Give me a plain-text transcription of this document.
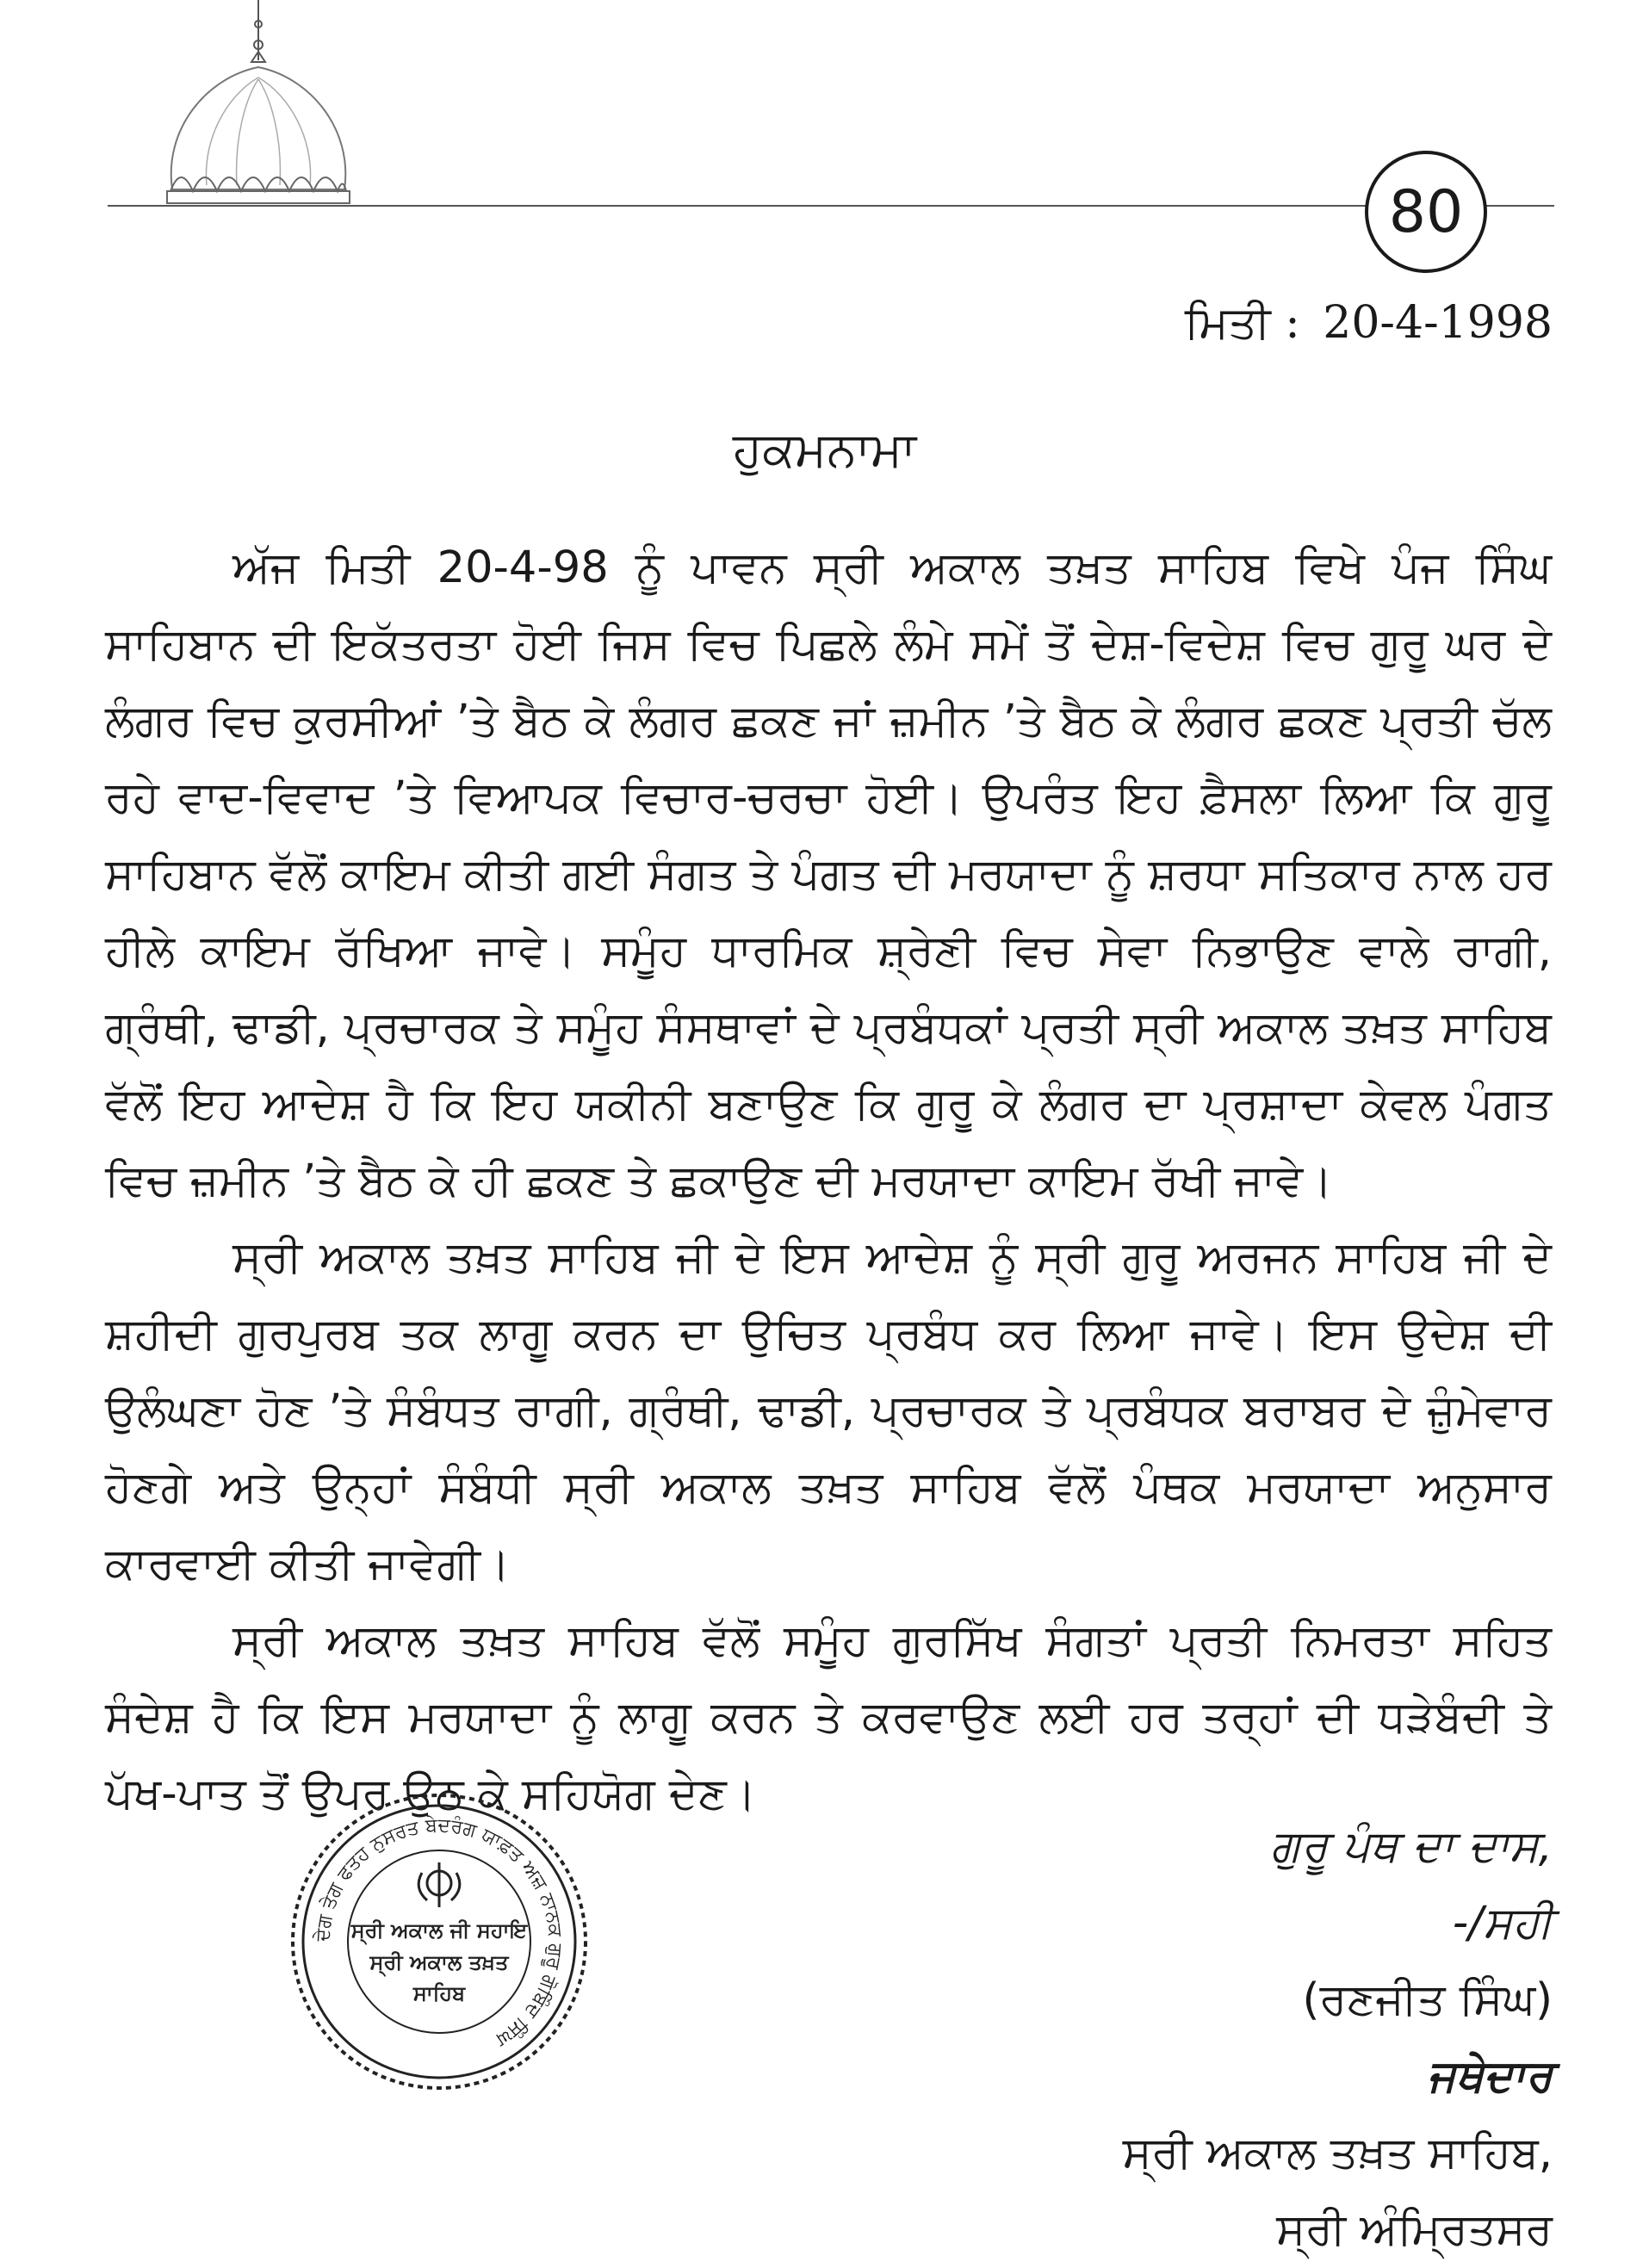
80
ਮਿਤੀ : 20-4-1998
ਹੁਕਮਨਾਮਾ

ਅੱਜ ਮਿਤੀ 20-4-98 ਨੂੰ ਪਾਵਨ ਸ੍ਰੀ ਅਕਾਲ ਤਖ਼ਤ ਸਾਹਿਬ ਵਿਖੇ ਪੰਜ ਸਿੰਘ ਸਾਹਿਬਾਨ ਦੀ ਇਕੱਤਰਤਾ ਹੋਈ ਜਿਸ ਵਿਚ ਪਿਛਲੇ ਲੰਮੇ ਸਮੇਂ ਤੋਂ ਦੇਸ਼-ਵਿਦੇਸ਼ ਵਿਚ ਗੁਰੂ ਘਰ ਦੇ ਲੰਗਰ ਵਿਚ ਕੁਰਸੀਆਂ ’ਤੇ ਬੈਠ ਕੇ ਲੰਗਰ ਛਕਣ ਜਾਂ ਜ਼ਮੀਨ ’ਤੇ ਬੈਠ ਕੇ ਲੰਗਰ ਛਕਣ ਪ੍ਰਤੀ ਚੱਲ ਰਹੇ ਵਾਦ-ਵਿਵਾਦ ’ਤੇ ਵਿਆਪਕ ਵਿਚਾਰ-ਚਰਚਾ ਹੋਈ। ਉਪਰੰਤ ਇਹ ਫ਼ੈਸਲਾ ਲਿਆ ਕਿ ਗੁਰੂ ਸਾਹਿਬਾਨ ਵੱਲੋਂ ਕਾਇਮ ਕੀਤੀ ਗਈ ਸੰਗਤ ਤੇ ਪੰਗਤ ਦੀ ਮਰਯਾਦਾ ਨੂੰ ਸ਼ਰਧਾ ਸਤਿਕਾਰ ਨਾਲ ਹਰ ਹੀਲੇ ਕਾਇਮ ਰੱਖਿਆ ਜਾਵੇ। ਸਮੂੰਹ ਧਾਰਮਿਕ ਸ਼੍ਰੇਣੀ ਵਿਚ ਸੇਵਾ ਨਿਭਾਉਣ ਵਾਲੇ ਰਾਗੀ, ਗ੍ਰੰਥੀ, ਢਾਡੀ, ਪ੍ਰਚਾਰਕ ਤੇ ਸਮੂੰਹ ਸੰਸਥਾਵਾਂ ਦੇ ਪ੍ਰਬੰਧਕਾਂ ਪ੍ਰਤੀ ਸ੍ਰੀ ਅਕਾਲ ਤਖ਼ਤ ਸਾਹਿਬ ਵੱਲੋਂ ਇਹ ਆਦੇਸ਼ ਹੈ ਕਿ ਇਹ ਯਕੀਨੀ ਬਣਾਉਣ ਕਿ ਗੁਰੂ ਕੇ ਲੰਗਰ ਦਾ ਪ੍ਰਸ਼ਾਦਾ ਕੇਵਲ ਪੰਗਤ ਵਿਚ ਜ਼ਮੀਨ ’ਤੇ ਬੈਠ ਕੇ ਹੀ ਛਕਣ ਤੇ ਛਕਾਉਣ ਦੀ ਮਰਯਾਦਾ ਕਾਇਮ ਰੱਖੀ ਜਾਵੇ।

ਸ੍ਰੀ ਅਕਾਲ ਤਖ਼ਤ ਸਾਹਿਬ ਜੀ ਦੇ ਇਸ ਆਦੇਸ਼ ਨੂੰ ਸ੍ਰੀ ਗੁਰੂ ਅਰਜਨ ਸਾਹਿਬ ਜੀ ਦੇ ਸ਼ਹੀਦੀ ਗੁਰਪੁਰਬ ਤਕ ਲਾਗੂ ਕਰਨ ਦਾ ਉਚਿਤ ਪ੍ਰਬੰਧ ਕਰ ਲਿਆ ਜਾਵੇ। ਇਸ ਉਦੇਸ਼ ਦੀ ਉਲੰਘਣਾ ਹੋਣ ’ਤੇ ਸੰਬੰਧਤ ਰਾਗੀ, ਗ੍ਰੰਥੀ, ਢਾਡੀ, ਪ੍ਰਚਾਰਕ ਤੇ ਪ੍ਰਬੰਧਕ ਬਰਾਬਰ ਦੇ ਜ਼ੁੰਮੇਵਾਰ ਹੋਣਗੇ ਅਤੇ ਉਨ੍ਹਾਂ ਸੰਬੰਧੀ ਸ੍ਰੀ ਅਕਾਲ ਤਖ਼ਤ ਸਾਹਿਬ ਵੱਲੋਂ ਪੰਥਕ ਮਰਯਾਦਾ ਅਨੁਸਾਰ ਕਾਰਵਾਈ ਕੀਤੀ ਜਾਵੇਗੀ।

ਸ੍ਰੀ ਅਕਾਲ ਤਖ਼ਤ ਸਾਹਿਬ ਵੱਲੋਂ ਸਮੂੰਹ ਗੁਰਸਿੱਖ ਸੰਗਤਾਂ ਪ੍ਰਤੀ ਨਿਮਰਤਾ ਸਹਿਤ ਸੰਦੇਸ਼ ਹੈ ਕਿ ਇਸ ਮਰਯਾਦਾ ਨੂੰ ਲਾਗੂ ਕਰਨ ਤੇ ਕਰਵਾਉਣ ਲਈ ਹਰ ਤਰ੍ਹਾਂ ਦੀ ਧੜੇਬੰਦੀ ਤੇ ਪੱਖ-ਪਾਤ ਤੋਂ ਉਪਰ ਉਠ ਕੇ ਸਹਿਯੋਗ ਦੇਣ।

ਦੇਗ ਤੇਗ ਫਤਹ ਨੁਸਰਤ ਬੇਦਰੰਗ ਯਾਫ਼ਤ ਅਜ਼ ਨਾਨਕ ਗੁਰੂ ਗੋਬਿੰਦ ਸਿੰਘ
ਸ੍ਰੀ ਅਕਾਲ ਜੀ ਸਹਾਇ
ਸ੍ਰੀ ਅਕਾਲ ਤਖ਼ਤ
ਸਾਹਿਬ
ਗੁਰੂ ਪੰਥ ਦਾ ਦਾਸ,
-/ਸਹੀ
(ਰਣਜੀਤ ਸਿੰਘ)
ਜਥੇਦਾਰ
ਸ੍ਰੀ ਅਕਾਲ ਤਖ਼ਤ ਸਾਹਿਬ,
ਸ੍ਰੀ ਅੰਮ੍ਰਿਤਸਰ
